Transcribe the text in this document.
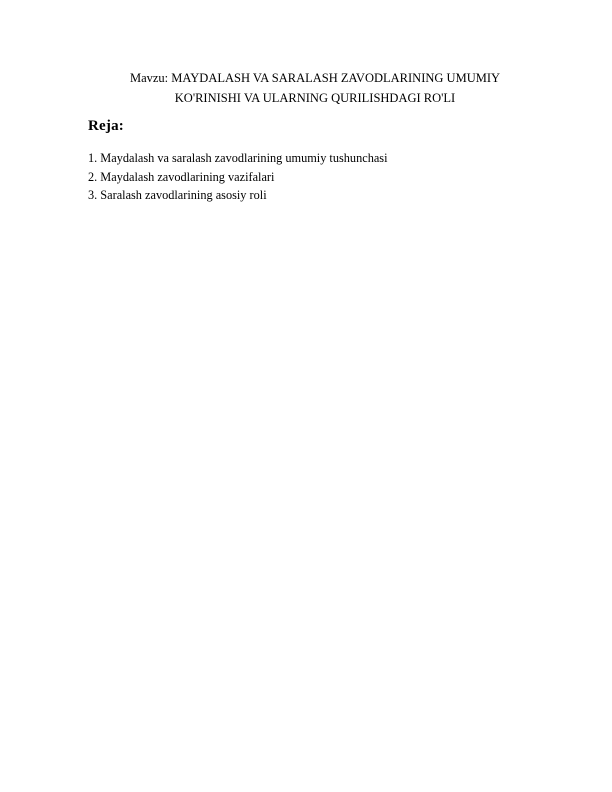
Mavzu: MAYDALASH VA SARALASH ZAVODLARINING UMUMIY
KO'RINISHI VA ULARNING QURILISHDAGI RO'LI
Reja:
1. Maydalash va saralash zavodlarining umumiy tushunchasi
2. Maydalash zavodlarining vazifalari
3. Saralash zavodlarining asosiy roli
